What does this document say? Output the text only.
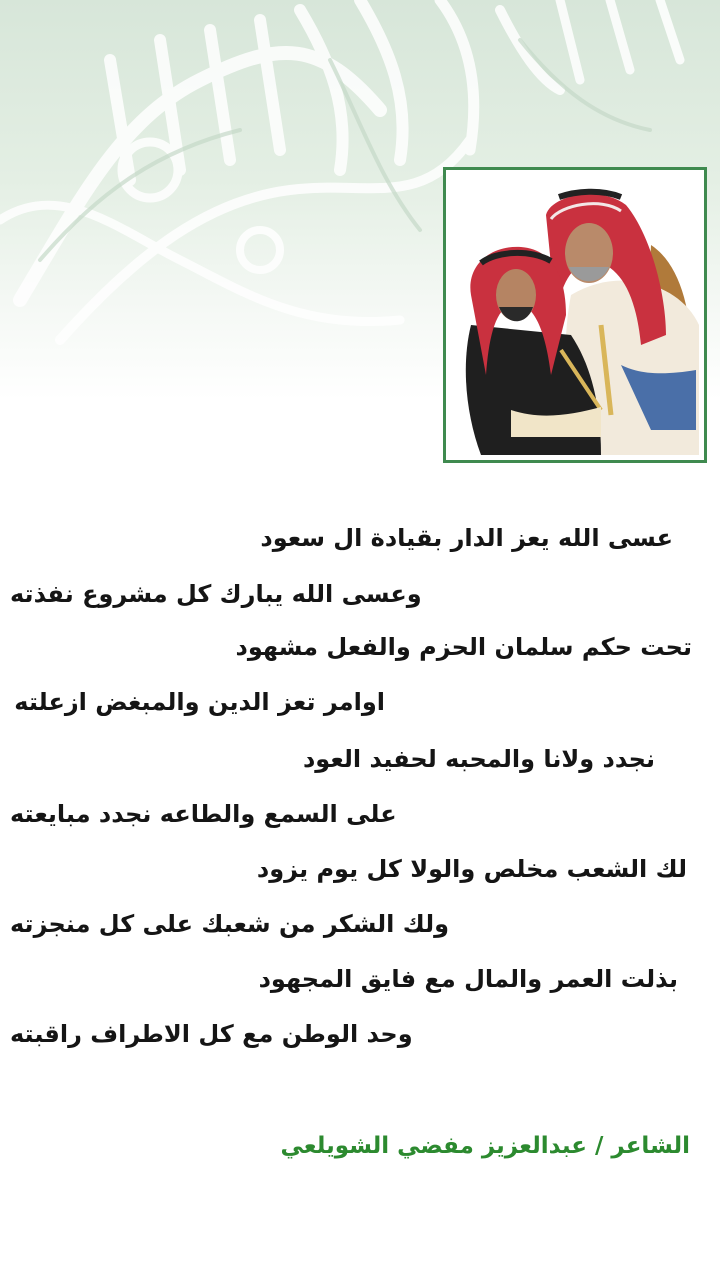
عسى الله يعز الدار بقيادة ال سعود
وعسى الله يبارك كل مشروع نفذته
تحت حكم سلمان الحزم والفعل مشهود
اوامر تعز الدين والمبغض ازعلته
نجدد ولانا والمحبه لحفيد العود
على السمع والطاعه نجدد مبايعته
لك الشعب مخلص والولا كل يوم يزود
ولك الشكر من شعبك على كل منجزته
بذلت العمر والمال مع فايق المجهود
وحد الوطن مع كل الاطراف راقبته
الشاعر / عبدالعزيز مفضي الشويلعي
